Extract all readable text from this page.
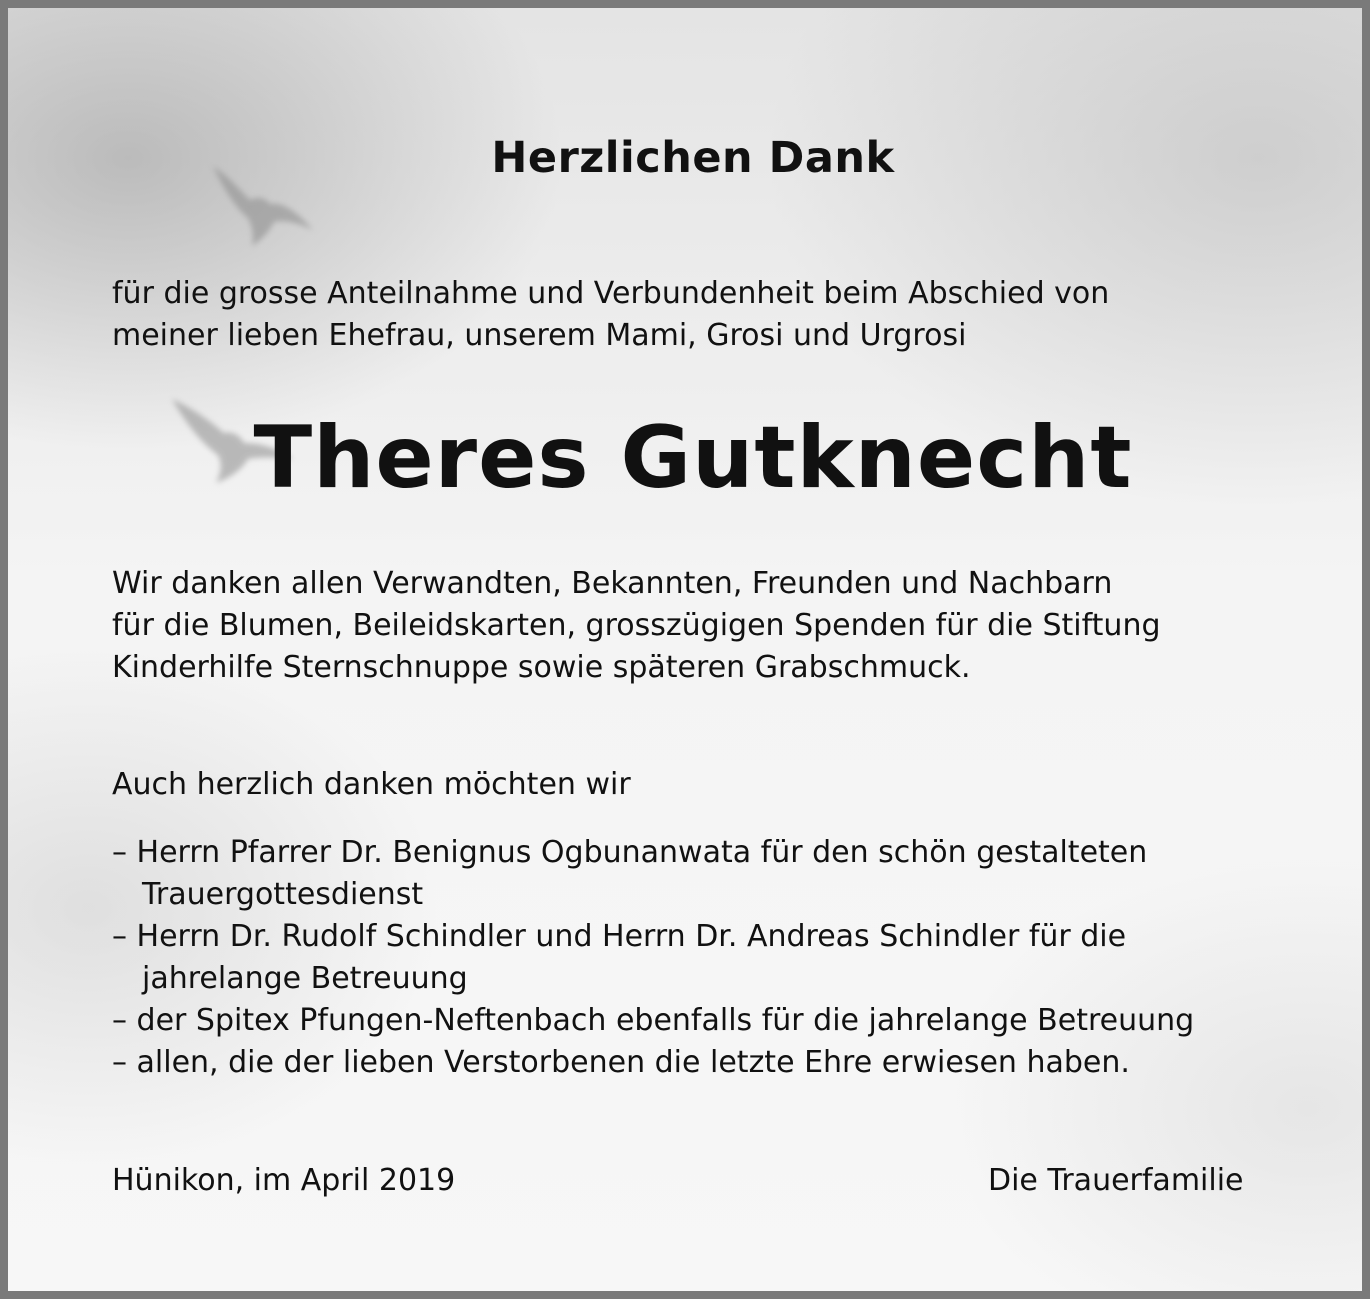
Herzlichen Dank

für die grosse Anteilnahme und Verbundenheit beim Abschied von
meiner lieben Ehefrau, unserem Mami, Grosi und Urgrosi

Theres Gutknecht

Wir danken allen Verwandten, Bekannten, Freunden und Nachbarn
für die Blumen, Beileidskarten, grosszügigen Spenden für die Stiftung
Kinderhilfe Sternschnuppe sowie späteren Grabschmuck.

Auch herzlich danken möchten wir

– Herrn Pfarrer Dr. Benignus Ogbunanwata für den schön gestalteten
Trauergottesdienst
– Herrn Dr. Rudolf Schindler und Herrn Dr. Andreas Schindler für die
jahrelange Betreuung
– der Spitex Pfungen-Neftenbach ebenfalls für die jahrelange Betreuung
– allen, die der lieben Verstorbenen die letzte Ehre erwiesen haben.

Hünikon, im April 2019	Die Trauerfamilie
